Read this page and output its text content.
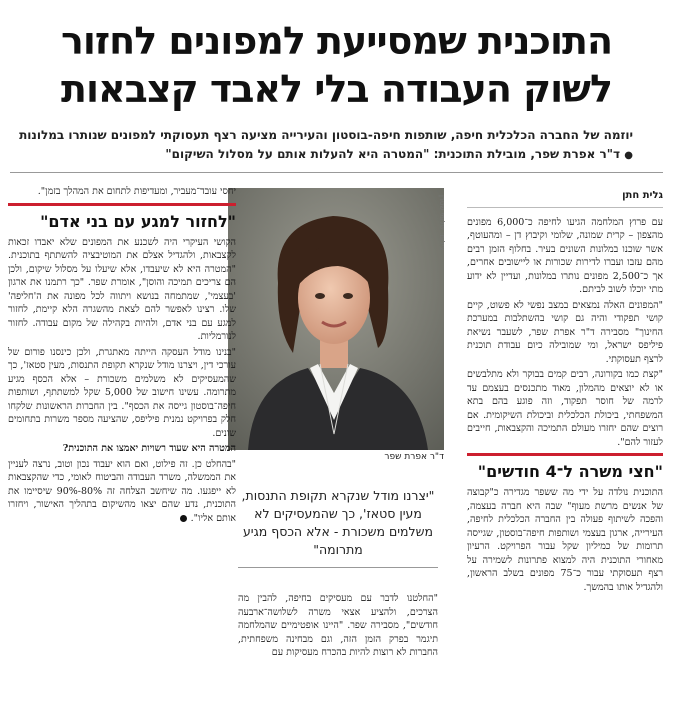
התוכנית שמסייעת למפונים לחזור
לשוק העבודה בלי לאבד קצבאות

יוזמה של החברה הכלכלית חיפה, שותפות חיפה-בוסטון והעירייה מציעה רצף תעסוקתי למפונים שנותרו במלונות ● ד"ר אפרת שפר, מובילת התוכנית: "המטרה היא להעלות אותם על מסלול השיקום"

גלית חתן

עם פרוץ המלחמה הגיעו לחיפה כ־6,000 מפונים מהצפון – קרית שמונה, שלומי וקיבוץ דן – ומהעוטף, אשר שוכנו במלונות השונים בעיר. בחלוף הזמן רבים מהם עזבו ועברו לדירות שכורות או ליישובים אחרים, אך כ־2,500 מפונים נותרו במלונות, ועדיין לא ידוע מתי יוכלו לשוב לביתם.

"המפונים האלה נמצאים במצב נפשי לא פשוט, קיים קושי תפקודי והיה גם קושי בהשתלבות במערכת החינוך" מסבירה ד"ר אפרת שפר, לשעבר נשיאת פיליפס ישראל, ומי שמובילה כיום עבודת תוכנית לרצף תעסוקתי.

"קצת כמו בקורונה, רבים קמים בבוקר ולא מתלבשים או לא יוצאים מהמלון, מאוד מתכנסים בעצמם עד לרמה של חוסר תפקוד, וזה פוגע בהם בתא המשפחתי, ביכולת הכלכלית וביכולת השיקומית. אם רוצים שהם יחזרו מעולם התמיכה והקצבאות, חייבים לעזור להם".

"חצי משרה ל־4 חודשים"

התוכנית נולדה על ידי מה ששפר מגדירה כ"קבוצה של אנשים מרשת מעוף" שבה היא חברה בעצמה, והפכה לשיתוף פעולה בין החברה הכלכלית לחיפה, העירייה, ארגון בעצמי ושותפות חיפה־בוסטון, שגייסה תרומות של כמיליון שקל עבור הפרויקט. הרעיון מאחורי התוכנית היה למצוא פתרונות לשמירה על רצף תעסוקתי עבור כ־75 מפונים בשלב הראשון, ולהגדיל אותו בהמשך.

צילום: שלומי שטרן
ד"ר אפרת שפר
"יצרנו מודל שנקרא תקופת התנסות, מעין סטאז', כך שהמעסיקים לא משלמים משכורת - אלא הכסף מגיע מתרומה"

"החלטנו לדבר עם מעסיקים בחיפה, להבין מה הצרכים, ולהציע אצאי משרה לשלושה־ארבעה חודשים", מסבירה שפר. "היינו אופטימיים שהמלחמה תיגמר בפרק הזמן הזה, וגם מבחינה משפחתית, החברות לא רוצות להיות בהכרח מעסיקות עם

יחסי עובד־מעביר, ומעדיפות לתחום את המהלך בזמן".

"לחזור למגע עם בני אדם"

הקושי העיקרי היה לשכנע את המפונים שלא יאבדו זכאות לקצבאות, ולהגדיל אצלם את המוטיבציה להשתתף בתוכנית. "המטרה היא לא שיעבדו, אלא שיעלו על מסלול שיקום, ולכן הם צריכים תמיכה והוסן", אומרת שפר. "כך רתמנו את ארגון 'בעצמי', שמתמחה בנושא ויתווה לכל מפונה את ה'חליפה' שלו. רצינו לאפשר להם לצאת מהשגרה הלא קיימת, לחזור למגע עם בני אדם, ולהיות בקהילה של מקום עבודה. לחזור לנורמליות.

"בנינו מודל העסקה הייתה מאתגרת, ולכן כינסנו פורום של עורכי דין, ויצרנו מודל שנקרא תקופת התנסות, מעין סטאז', כך שהמעסיקים לא משלמים משכורת – אלא הכסף מגיע מתרומה. עשינו חישוב של 5,000 שקל למשתתף, ושותפות חיפה־בוסטון גייסה את הכסף". בין החברות הראשונות שלקחו חלק בפרויקט נמנית פיליפס, שהציעה מספר משרות בתחומים שונים.

המטרה היא שעוד רשויות יאמצו את התוכנית?

"בהחלט כן. זה פילוט, ואם הוא יעבוד נכון וטוב, נרצה לעניין את הממשלה, משרד העבודה והביטוח לאומי, כדי שהקצבאות לא ייפגעו. מה שיחשב הצלחה זה 80%-90% שיסיימו את התוכנית, נדע שהם יצאו מהשיקום בתהליך האישור, ויחזרו אותם אליו".
